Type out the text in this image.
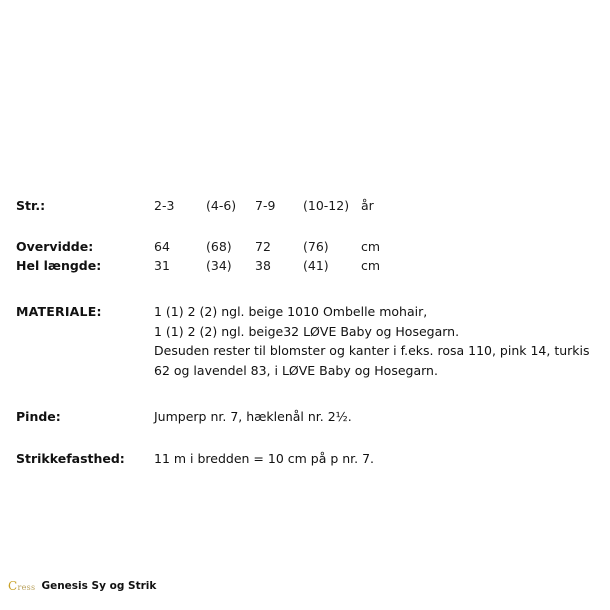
Str.:	2-3	(4-6)	7-9	(10-12) år
Overvidde:	64	(68)	72	(76)	cm
Hel længde:	31	(34)	38	(41)	cm
MATERIALE:	1 (1) 2 (2) ngl. beige 1010 Ombelle mohair,
1 (1) 2 (2) ngl. beige32 LØVE Baby og Hosegarn.
Desuden rester til blomster og kanter i f.eks. rosa 110, pink 14, turkis
62 og lavendel 83, i LØVE Baby og Hosegarn.
Pinde:	Jumperp nr. 7, hæklenål nr. 2½.
Strikkefasthed:	11 m i bredden = 10 cm på p nr. 7.
Cress Genesis Sy og Strik
